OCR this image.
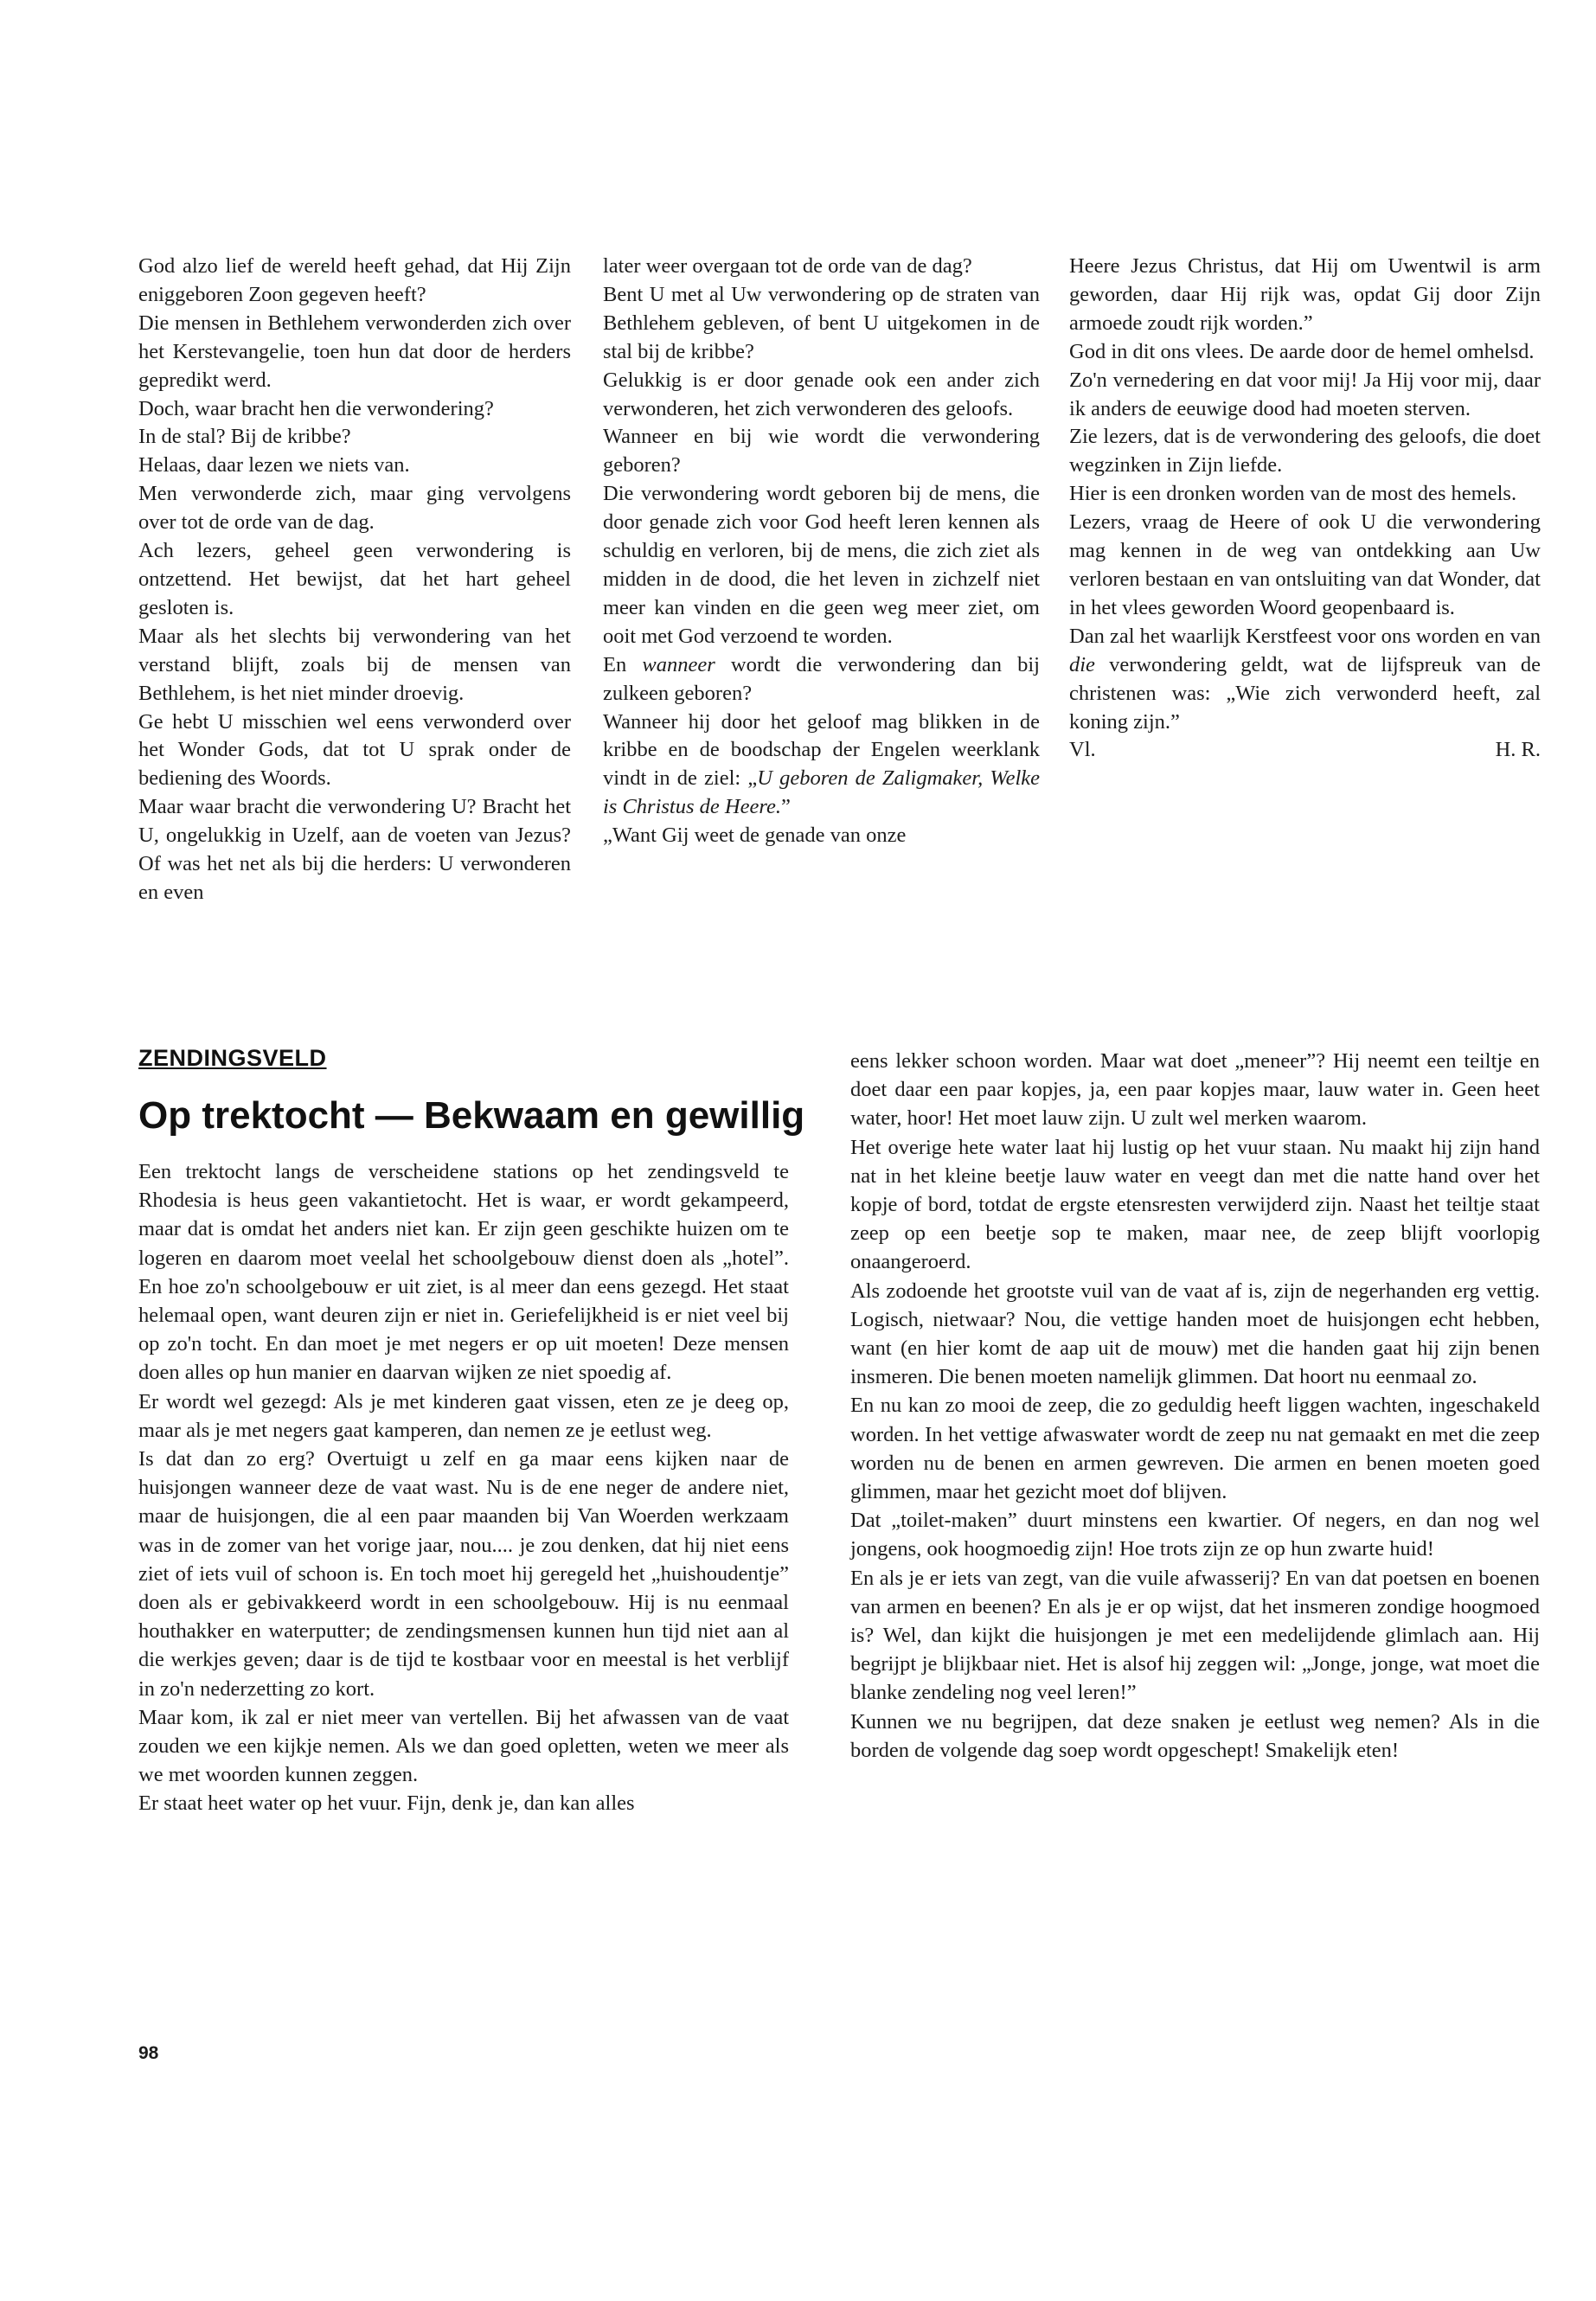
God alzo lief de wereld heeft gehad, dat Hij Zijn eniggeboren Zoon gegeven heeft?

Die mensen in Bethlehem verwonderden zich over het Kerstevangelie, toen hun dat door de herders gepredikt werd.

Doch, waar bracht hen die verwondering?

In de stal? Bij de kribbe?

Helaas, daar lezen we niets van.

Men verwonderde zich, maar ging vervolgens over tot de orde van de dag.

Ach lezers, geheel geen verwondering is ontzettend. Het bewijst, dat het hart geheel gesloten is.

Maar als het slechts bij verwondering van het verstand blijft, zoals bij de mensen van Bethlehem, is het niet minder droevig.

Ge hebt U misschien wel eens verwonderd over het Wonder Gods, dat tot U sprak onder de bediening des Woords.

Maar waar bracht die verwondering U? Bracht het U, ongelukkig in Uzelf, aan de voeten van Jezus? Of was het net als bij die herders: U verwonderen en even

later weer overgaan tot de orde van de dag?

Bent U met al Uw verwondering op de straten van Bethlehem gebleven, of bent U uitgekomen in de stal bij de kribbe?

Gelukkig is er door genade ook een ander zich verwonderen, het zich verwonderen des geloofs.

Wanneer en bij wie wordt die verwondering geboren?

Die verwondering wordt geboren bij de mens, die door genade zich voor God heeft leren kennen als schuldig en verloren, bij de mens, die zich ziet als midden in de dood, die het leven in zichzelf niet meer kan vinden en die geen weg meer ziet, om ooit met God verzoend te worden.

En wanneer wordt die verwondering dan bij zulkeen geboren?

Wanneer hij door het geloof mag blikken in de kribbe en de boodschap der Engelen weerklank vindt in de ziel: „U geboren de Zaligmaker, Welke is Christus de Heere.”

„Want Gij weet de genade van onze

Heere Jezus Christus, dat Hij om Uwentwil is arm geworden, daar Hij rijk was, opdat Gij door Zijn armoede zoudt rijk worden.”

God in dit ons vlees. De aarde door de hemel omhelsd.

Zo'n vernedering en dat voor mij! Ja Hij voor mij, daar ik anders de eeuwige dood had moeten sterven.

Zie lezers, dat is de verwondering des geloofs, die doet wegzinken in Zijn liefde.

Hier is een dronken worden van de most des hemels.

Lezers, vraag de Heere of ook U die verwondering mag kennen in de weg van ontdekking aan Uw verloren bestaan en van ontsluiting van dat Wonder, dat in het vlees geworden Woord geopenbaard is.

Dan zal het waarlijk Kerstfeest voor ons worden en van die verwondering geldt, wat de lijfspreuk van de christenen was: „Wie zich verwonderd heeft, zal koning zijn.”

Vl.	H. R.

ZENDINGSVELD
Op trektocht — Bekwaam en gewillig

Een trektocht langs de verscheidene stations op het zendingsveld te Rhodesia is heus geen vakantietocht. Het is waar, er wordt gekampeerd, maar dat is omdat het anders niet kan. Er zijn geen geschikte huizen om te logeren en daarom moet veelal het schoolgebouw dienst doen als „hotel”. En hoe zo'n schoolgebouw er uit ziet, is al meer dan eens gezegd. Het staat helemaal open, want deuren zijn er niet in. Geriefelijkheid is er niet veel bij op zo'n tocht. En dan moet je met negers er op uit moeten! Deze mensen doen alles op hun manier en daarvan wijken ze niet spoedig af.

Er wordt wel gezegd: Als je met kinderen gaat vissen, eten ze je deeg op, maar als je met negers gaat kamperen, dan nemen ze je eetlust weg.

Is dat dan zo erg? Overtuigt u zelf en ga maar eens kijken naar de huisjongen wanneer deze de vaat wast. Nu is de ene neger de andere niet, maar de huisjongen, die al een paar maanden bij Van Woerden werkzaam was in de zomer van het vorige jaar, nou.... je zou denken, dat hij niet eens ziet of iets vuil of schoon is. En toch moet hij geregeld het „huishoudentje” doen als er gebivakkeerd wordt in een schoolgebouw. Hij is nu eenmaal houthakker en waterputter; de zendingsmensen kunnen hun tijd niet aan al die werkjes geven; daar is de tijd te kostbaar voor en meestal is het verblijf in zo'n nederzetting zo kort.

Maar kom, ik zal er niet meer van vertellen. Bij het afwassen van de vaat zouden we een kijkje nemen. Als we dan goed opletten, weten we meer als we met woorden kunnen zeggen.

Er staat heet water op het vuur. Fijn, denk je, dan kan alles

eens lekker schoon worden. Maar wat doet „meneer”? Hij neemt een teiltje en doet daar een paar kopjes, ja, een paar kopjes maar, lauw water in. Geen heet water, hoor! Het moet lauw zijn. U zult wel merken waarom.

Het overige hete water laat hij lustig op het vuur staan. Nu maakt hij zijn hand nat in het kleine beetje lauw water en veegt dan met die natte hand over het kopje of bord, totdat de ergste etensresten verwijderd zijn. Naast het teiltje staat zeep op een beetje sop te maken, maar nee, de zeep blijft voorlopig onaangeroerd.

Als zodoende het grootste vuil van de vaat af is, zijn de negerhanden erg vettig. Logisch, nietwaar? Nou, die vettige handen moet de huisjongen echt hebben, want (en hier komt de aap uit de mouw) met die handen gaat hij zijn benen insmeren. Die benen moeten namelijk glimmen. Dat hoort nu eenmaal zo.

En nu kan zo mooi de zeep, die zo geduldig heeft liggen wachten, ingeschakeld worden. In het vettige afwaswater wordt de zeep nu nat gemaakt en met die zeep worden nu de benen en armen gewreven. Die armen en benen moeten goed glimmen, maar het gezicht moet dof blijven.

Dat „toilet-maken” duurt minstens een kwartier. Of negers, en dan nog wel jongens, ook hoogmoedig zijn! Hoe trots zijn ze op hun zwarte huid!

En als je er iets van zegt, van die vuile afwasserij? En van dat poetsen en boenen van armen en beenen? En als je er op wijst, dat het insmeren zondige hoogmoed is? Wel, dan kijkt die huisjongen je met een medelijdende glimlach aan. Hij begrijpt je blijkbaar niet. Het is alsof hij zeggen wil: „Jonge, jonge, wat moet die blanke zendeling nog veel leren!”

Kunnen we nu begrijpen, dat deze snaken je eetlust weg nemen? Als in die borden de volgende dag soep wordt opgeschept! Smakelijk eten!

98
